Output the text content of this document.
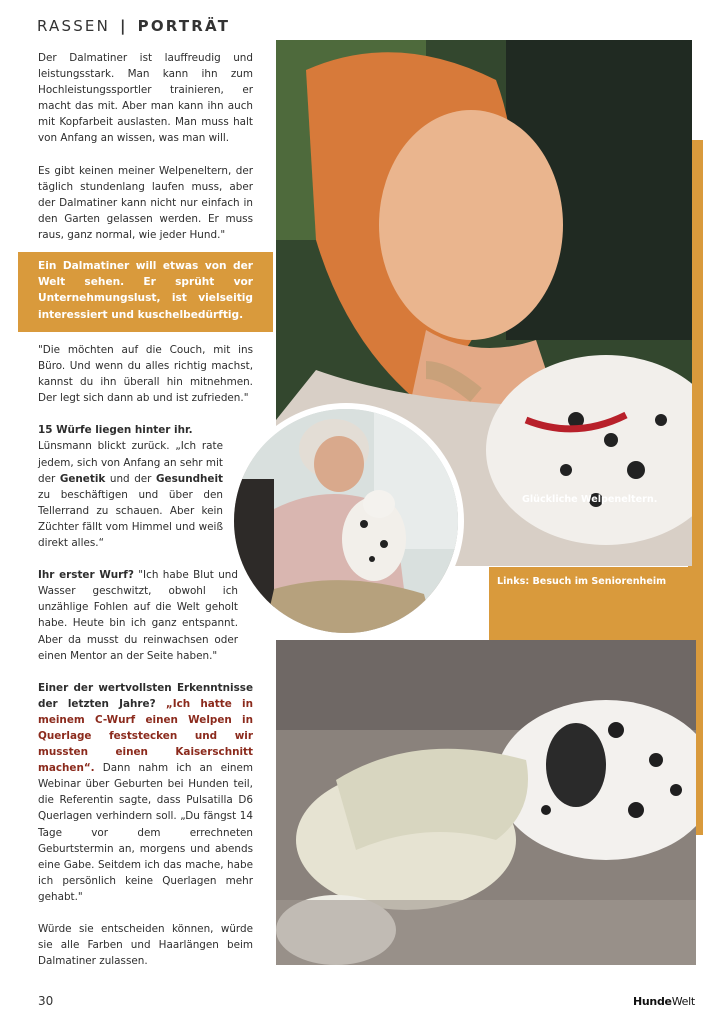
RASSEN | PORTRÄT

Der Dalmatiner ist lauffreudig und leistungsstark. Man kann ihn zum Hochleistungssportler trainieren, er macht das mit. Aber man kann ihn auch mit Kopfarbeit auslasten. Man muss halt von Anfang an wissen, was man will.

Es gibt keinen meiner Welpeneltern, der täglich stundenlang laufen muss, aber der Dalmatiner kann nicht nur einfach in den Garten gelassen werden. Er muss raus, ganz normal, wie jeder Hund."

Ein Dalmatiner will etwas von der Welt sehen. Er sprüht vor Unternehmungslust, ist vielseitig interessiert und kuschelbedürftig.

"Die möchten auf die Couch, mit ins Büro. Und wenn du alles richtig machst, kannst du ihn überall hin mitnehmen. Der legt sich dann ab und ist zufrieden."

15 Würfe liegen hinter ihr.
Lünsmann blickt zurück. „Ich rate jedem, sich von Anfang an sehr mit der Genetik und der Gesundheit zu beschäftigen und über den Tellerrand zu schauen. Aber kein Züchter fällt vom Himmel und weiß direkt alles.“

Ihr erster Wurf? "Ich habe Blut und Wasser geschwitzt, obwohl ich unzählige Fohlen auf die Welt geholt habe. Heute bin ich ganz entspannt. Aber da musst du reinwachsen oder einen Mentor an der Seite haben."

Einer der wertvollsten Erkenntnisse der letzten Jahre? „Ich hatte in meinem C-Wurf einen Welpen in Querlage feststecken und wir mussten einen Kaiserschnitt machen“. Dann nahm ich an einem Webinar über Geburten bei Hunden teil, die Referentin sagte, dass Pulsatilla D6 Querlagen verhindern soll. „Du fängst 14 Tage vor dem errechneten Geburtstermin an, morgens und abends eine Gabe. Seitdem ich das mache, habe ich persönlich keine Querlagen mehr gehabt."

Würde sie entscheiden können, würde sie alle Farben und Haarlängen beim Dalmatiner zulassen.

Glückliche Welpeneltern.
Links: Besuch im Seniorenheim
30	HundeWelt
